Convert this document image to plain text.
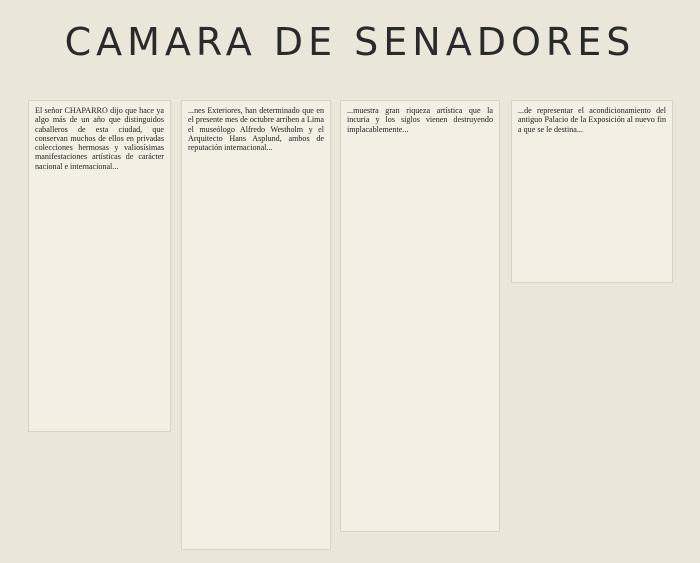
CAMARA DE SENADORES

El señor CHAPARRO dijo que hace ya algo más de un año que distinguidos caballeros de esta ciudad, que conservan muchos de ellos en privadas colecciones hermosas y valiosísimas manifestaciones artísticas de carácter nacional e internacional...

...nes Exteriores, han determinado que en el presente mes de octubre arriben a Lima el museólogo Alfredo Westholm y el Arquitecto Hans Asplund, ambos de reputación internacional...

...muestra gran riqueza artística que la incuria y los siglos vienen destruyendo implacablemente...

...de representar el acondicionamiento del antiguo Palacio de la Exposición al nuevo fin a que se le destina...
